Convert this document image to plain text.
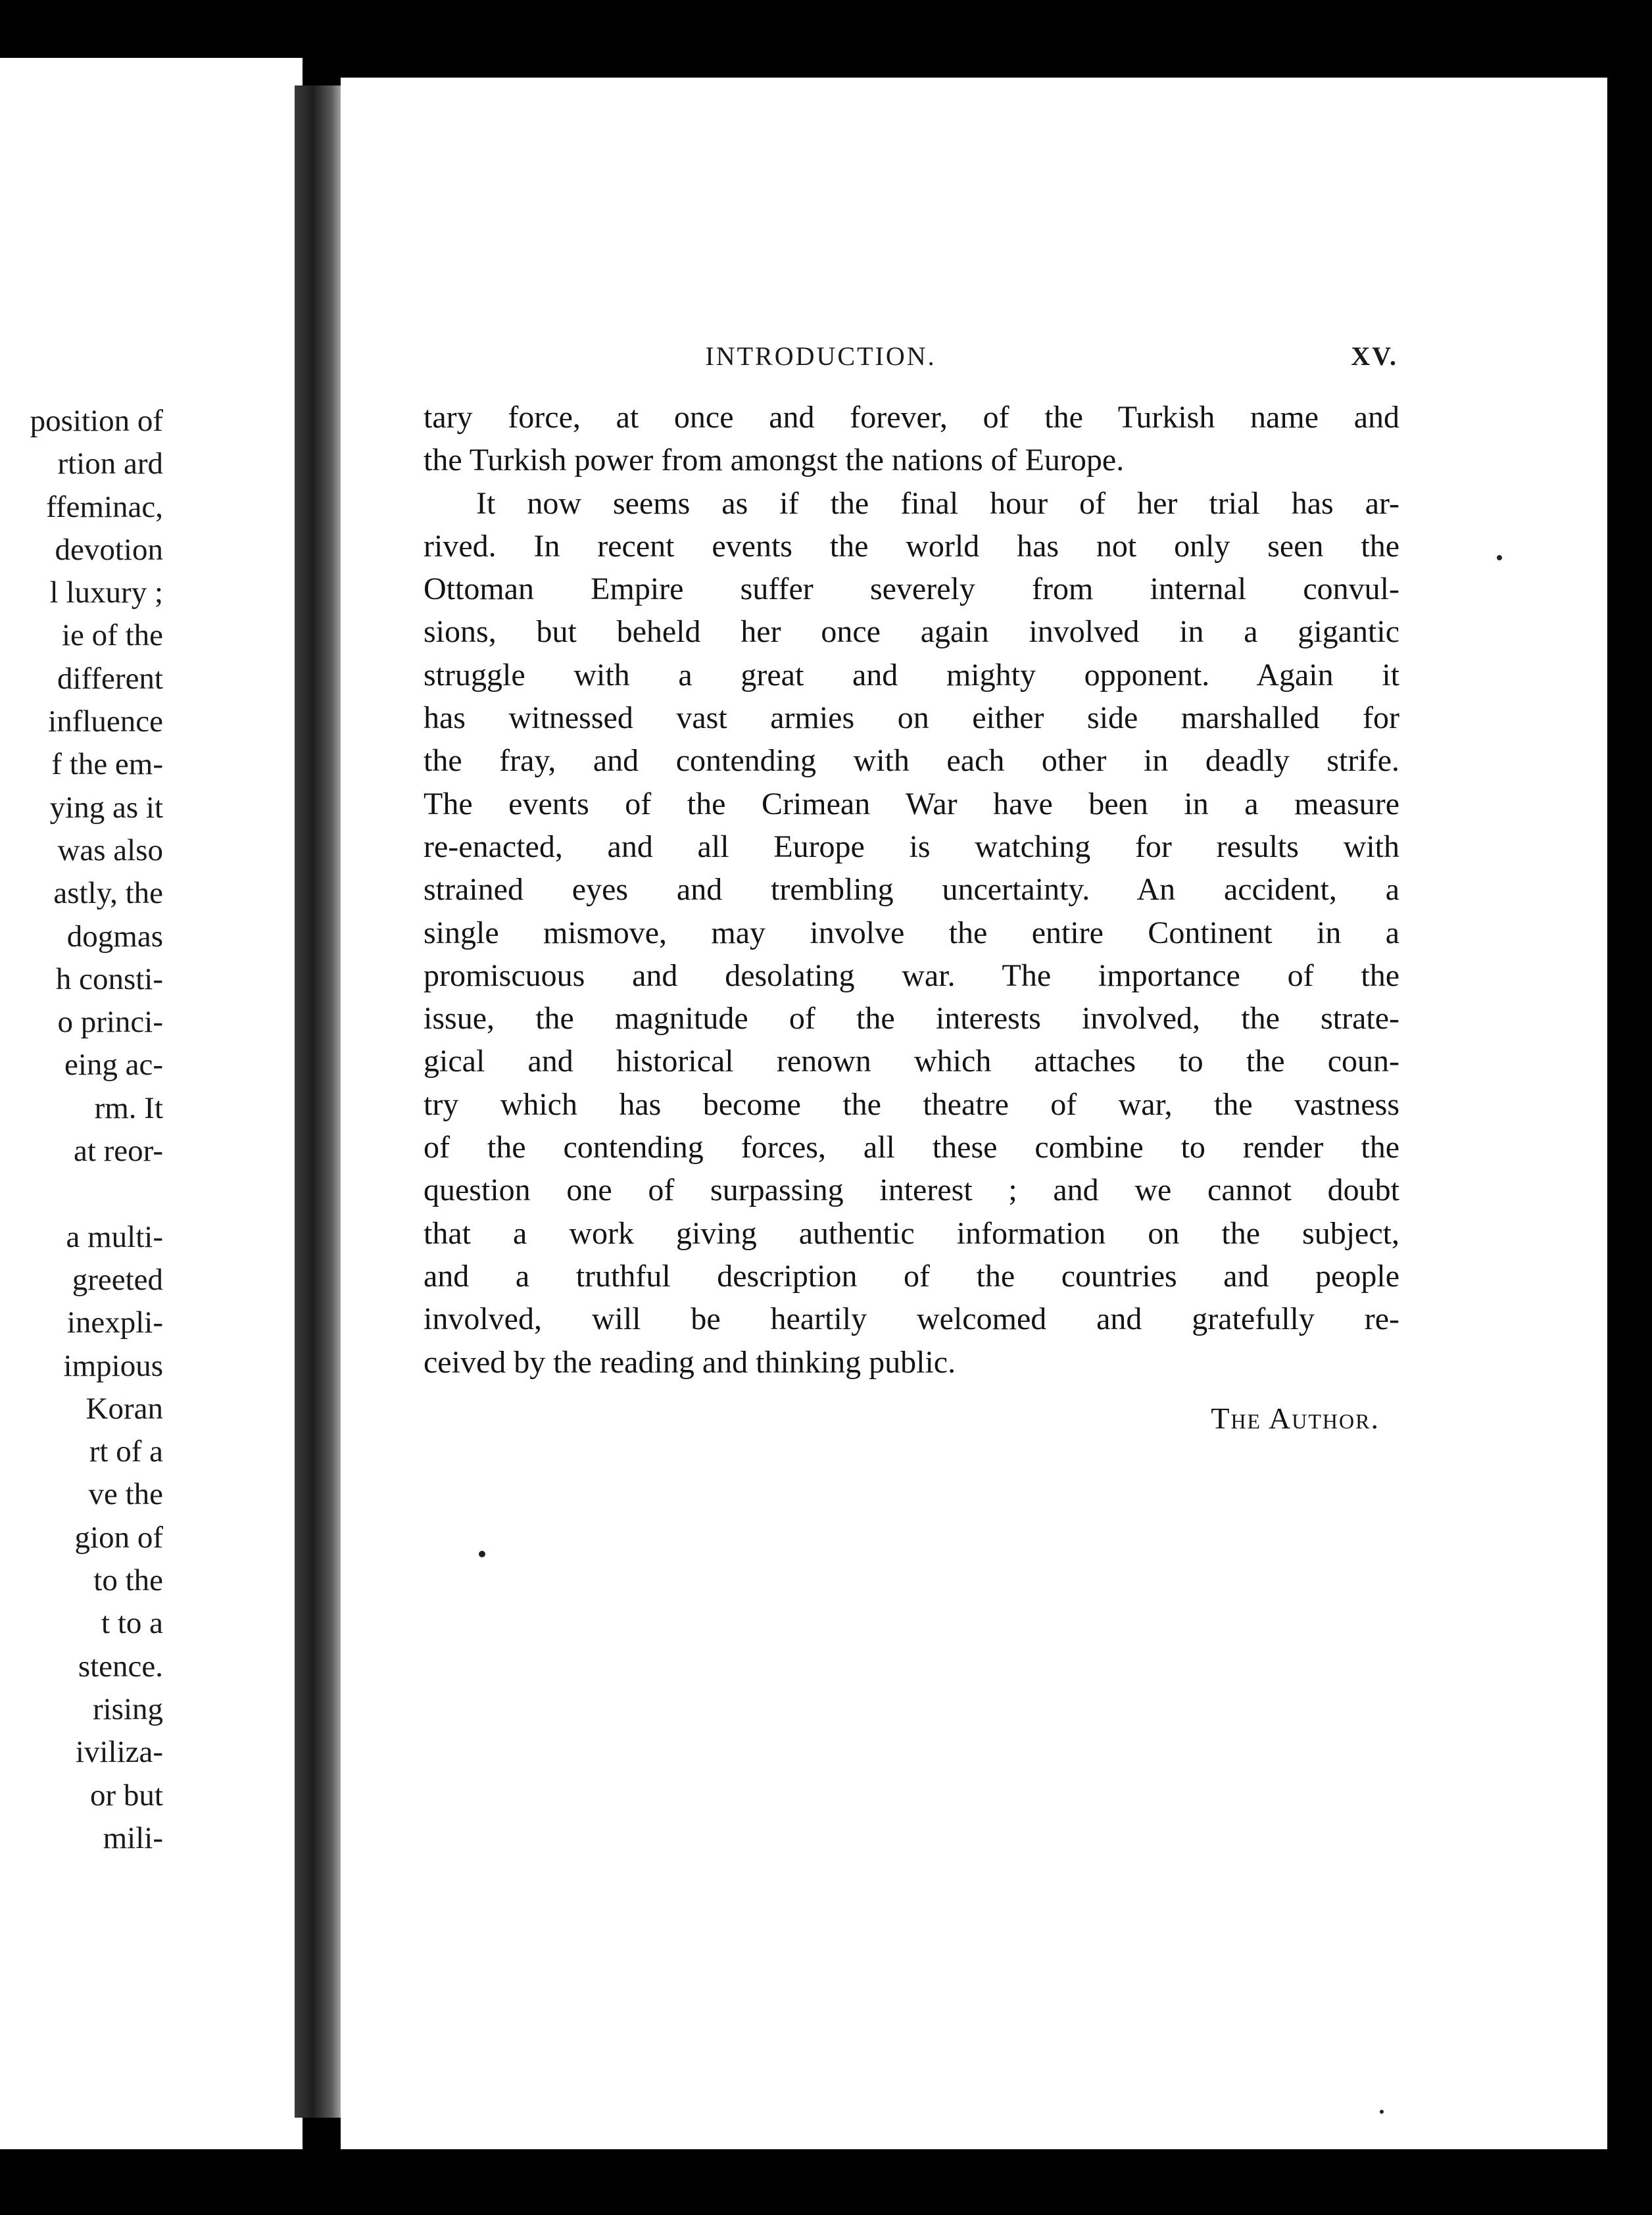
position of
rtion ard
ffeminac,
devotion
l luxury ;
ie of the
different
influence
f the em-
ying as it
was also
astly, the
dogmas
h consti-
o princi-
eing ac-
rm. It
at reor-
a multi-
greeted
inexpli-
impious
Koran
rt of a
ve the
gion of
to the
t to a
stence.
rising
iviliza-
or but
mili-
INTRODUCTION.	XV.
tary force, at once and forever, of the Turkish name and
the Turkish power from amongst the nations of Europe.
It now seems as if the final hour of her trial has ar-
rived. In recent events the world has not only seen the
Ottoman Empire suffer severely from internal convul-
sions, but beheld her once again involved in a gigantic
struggle with a great and mighty opponent. Again it
has witnessed vast armies on either side marshalled for
the fray, and contending with each other in deadly strife.
The events of the Crimean War have been in a measure
re-enacted, and all Europe is watching for results with
strained eyes and trembling uncertainty. An accident, a
single mismove, may involve the entire Continent in a
promiscuous and desolating war. The importance of the
issue, the magnitude of the interests involved, the strate-
gical and historical renown which attaches to the coun-
try which has become the theatre of war, the vastness
of the contending forces, all these combine to render the
question one of surpassing interest ; and we cannot doubt
that a work giving authentic information on the subject,
and a truthful description of the countries and people
involved, will be heartily welcomed and gratefully re-
ceived by the reading and thinking public.
The Author.
